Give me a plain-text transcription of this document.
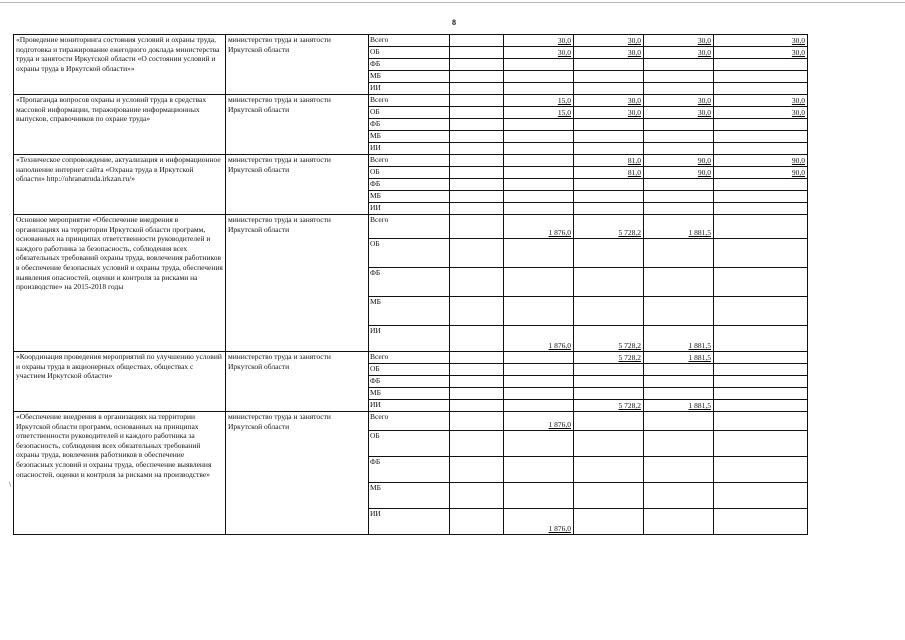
8
\
«Проведение мониторинга состояния условий и охраны труда, подготовка и тиражирование ежегодного доклада министерства труда и занятости Иркутской области «О состоянии условий и охраны труда в Иркутской области»»	министерство труда и занятости Иркутской области	Всего		30,0	30,0	30,0	30,0	
		ОБ		30,0	30,0	30,0	30,0	
		ФБ						
		МБ						
		ИИ						
«Пропаганда вопросов охраны и условий труда в средствах массовой информации, тиражирование информационных выпусков, справочников по охране труда»	министерство труда и занятости Иркутской области	Всего		15,0	30,0	30,0	30,0	
		ОБ		15,0	30,0	30,0	30,0	
		ФБ						
		МБ						
		ИИ						
«Техническое сопровождение, актуализация и информационное наполнение интернет сайта «Охрана труда в Иркутской области» http://ohranatruda.irkzan.ru/»	министерство труда и занятости Иркутской области	Всего			81,0	90,0	90,0	
		ОБ			81,0	90,0	90,0	
		ФБ						
		МБ						
		ИИ						
Основное мероприятие «Обеспечение внедрения в организациях на территории Иркутской области программ, основанных на принципах ответственности руководителей и каждого работника за безопасность, соблюдения всех обязательных требований охраны труда, вовлечения работников в обеспечение безопасных условий и охраны труда, обеспечения выявления опасностей, оценки и контроля за рисками на производстве» на 2015-2018 годы	министерство труда и занятости Иркутской области	Всего		1 876,0	5 728,2	1 881,5		
		ОБ						
		ФБ						
		МБ						
		ИИ		1 876,0	5 728,2	1 881,5		
«Координация проведения мероприятий по улучшению условий и охраны труда в акционерных обществах, обществах с участием Иркутской области»	министерство труда и занятости Иркутской области	Всего			5 728,2	1 881,5		
		ОБ						
		ФБ						
		МБ						
		ИИ			5 728,2	1 881,5		
«Обеспечение внедрения в организациях на территории Иркутской области программ, основанных на принципах ответственности руководителей и каждого работника за безопасность, соблюдения всех обязательных требований охраны труда, вовлечения работников в обеспечение безопасных условий и охраны труда, обеспечение выявления опасностей, оценки и контроля за рисками на производстве»	министерство труда и занятости Иркутской области	Всего		1 876,0				
		ОБ						
		ФБ						
		МБ						
		ИИ		1 876,0				
